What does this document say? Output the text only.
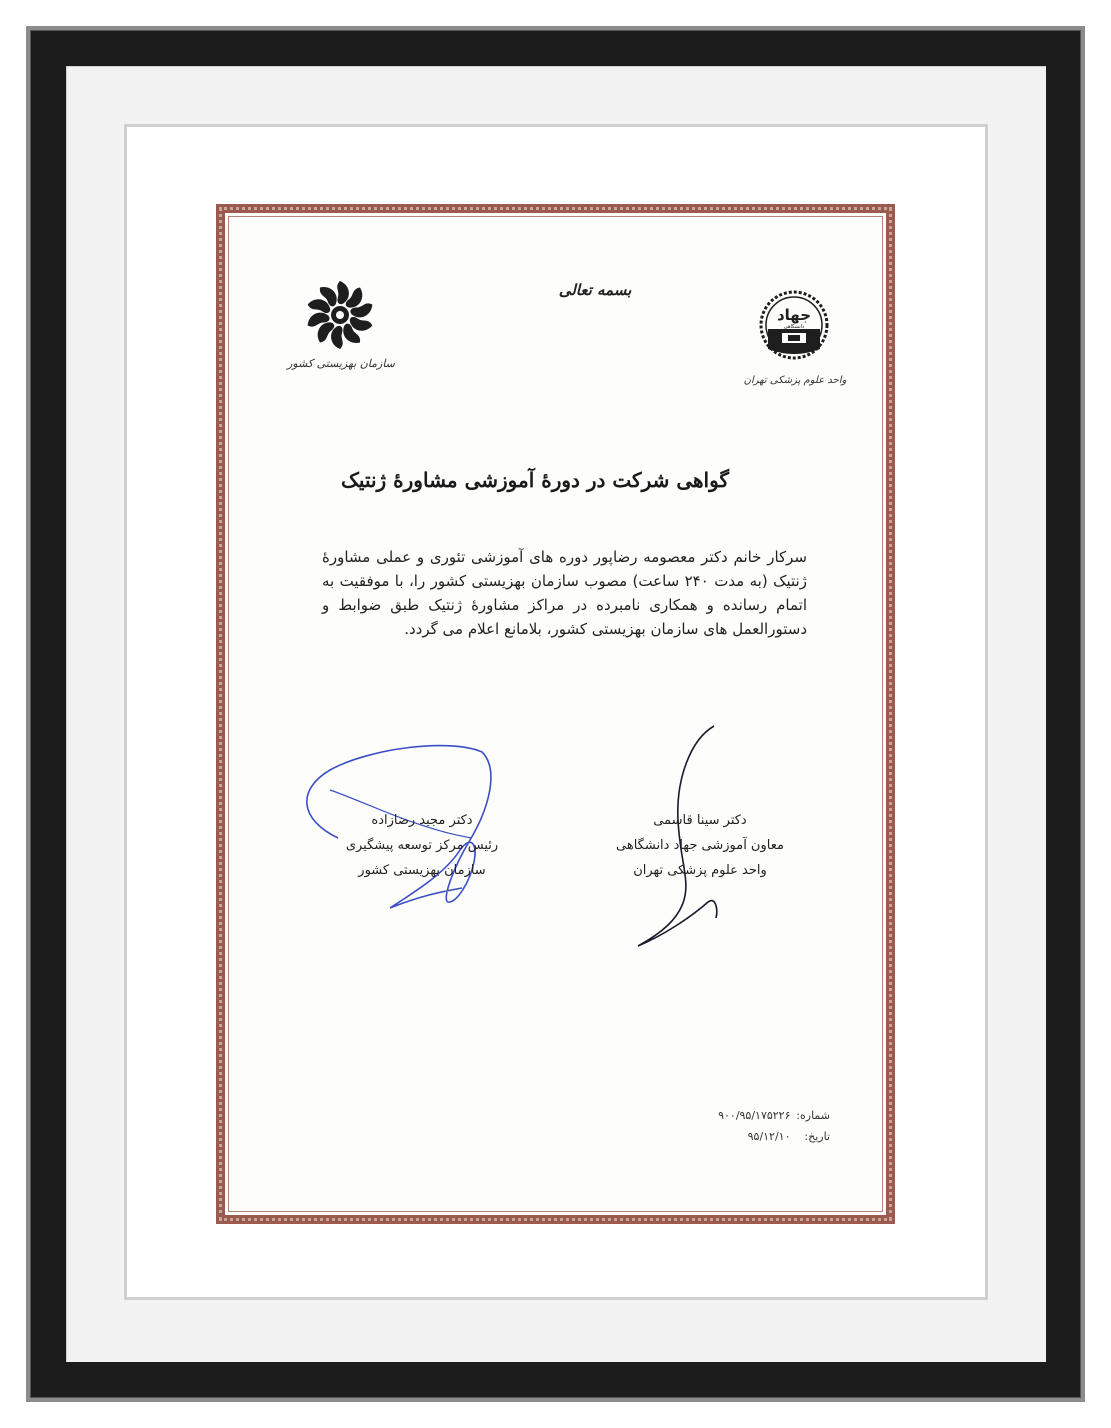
بسمه تعالی
سازمان بهزیستی کشور
جهاد
دانشگاهی
واحد علوم پزشکی تهران
گواهی شرکت در دورهٔ آموزشی مشاورهٔ ژنتیک
سرکار خانم دکتر معصومه رضاپور دوره های آموزشی تئوری و عملی مشاورهٔ ژنتیک (به مدت ۲۴۰ ساعت) مصوب سازمان بهزیستی کشور را، با موفقیت به اتمام رسانده و همکاری نامبرده در مراکز مشاورهٔ ژنتیک طبق ضوابط و دستورالعمل های سازمان بهزیستی کشور، بلامانع اعلام می گردد.
دکتر مجید رضازاده
رئیس مرکز توسعه پیشگیری
سازمان بهزیستی کشور
دکتر سینا قاسمی
معاون آموزشی جهاد دانشگاهی
واحد علوم پزشکی تهران
شماره: ۹۰۰/۹۵/۱۷۵۲۲۶
تاریخ: ۹۵/۱۲/۱۰
